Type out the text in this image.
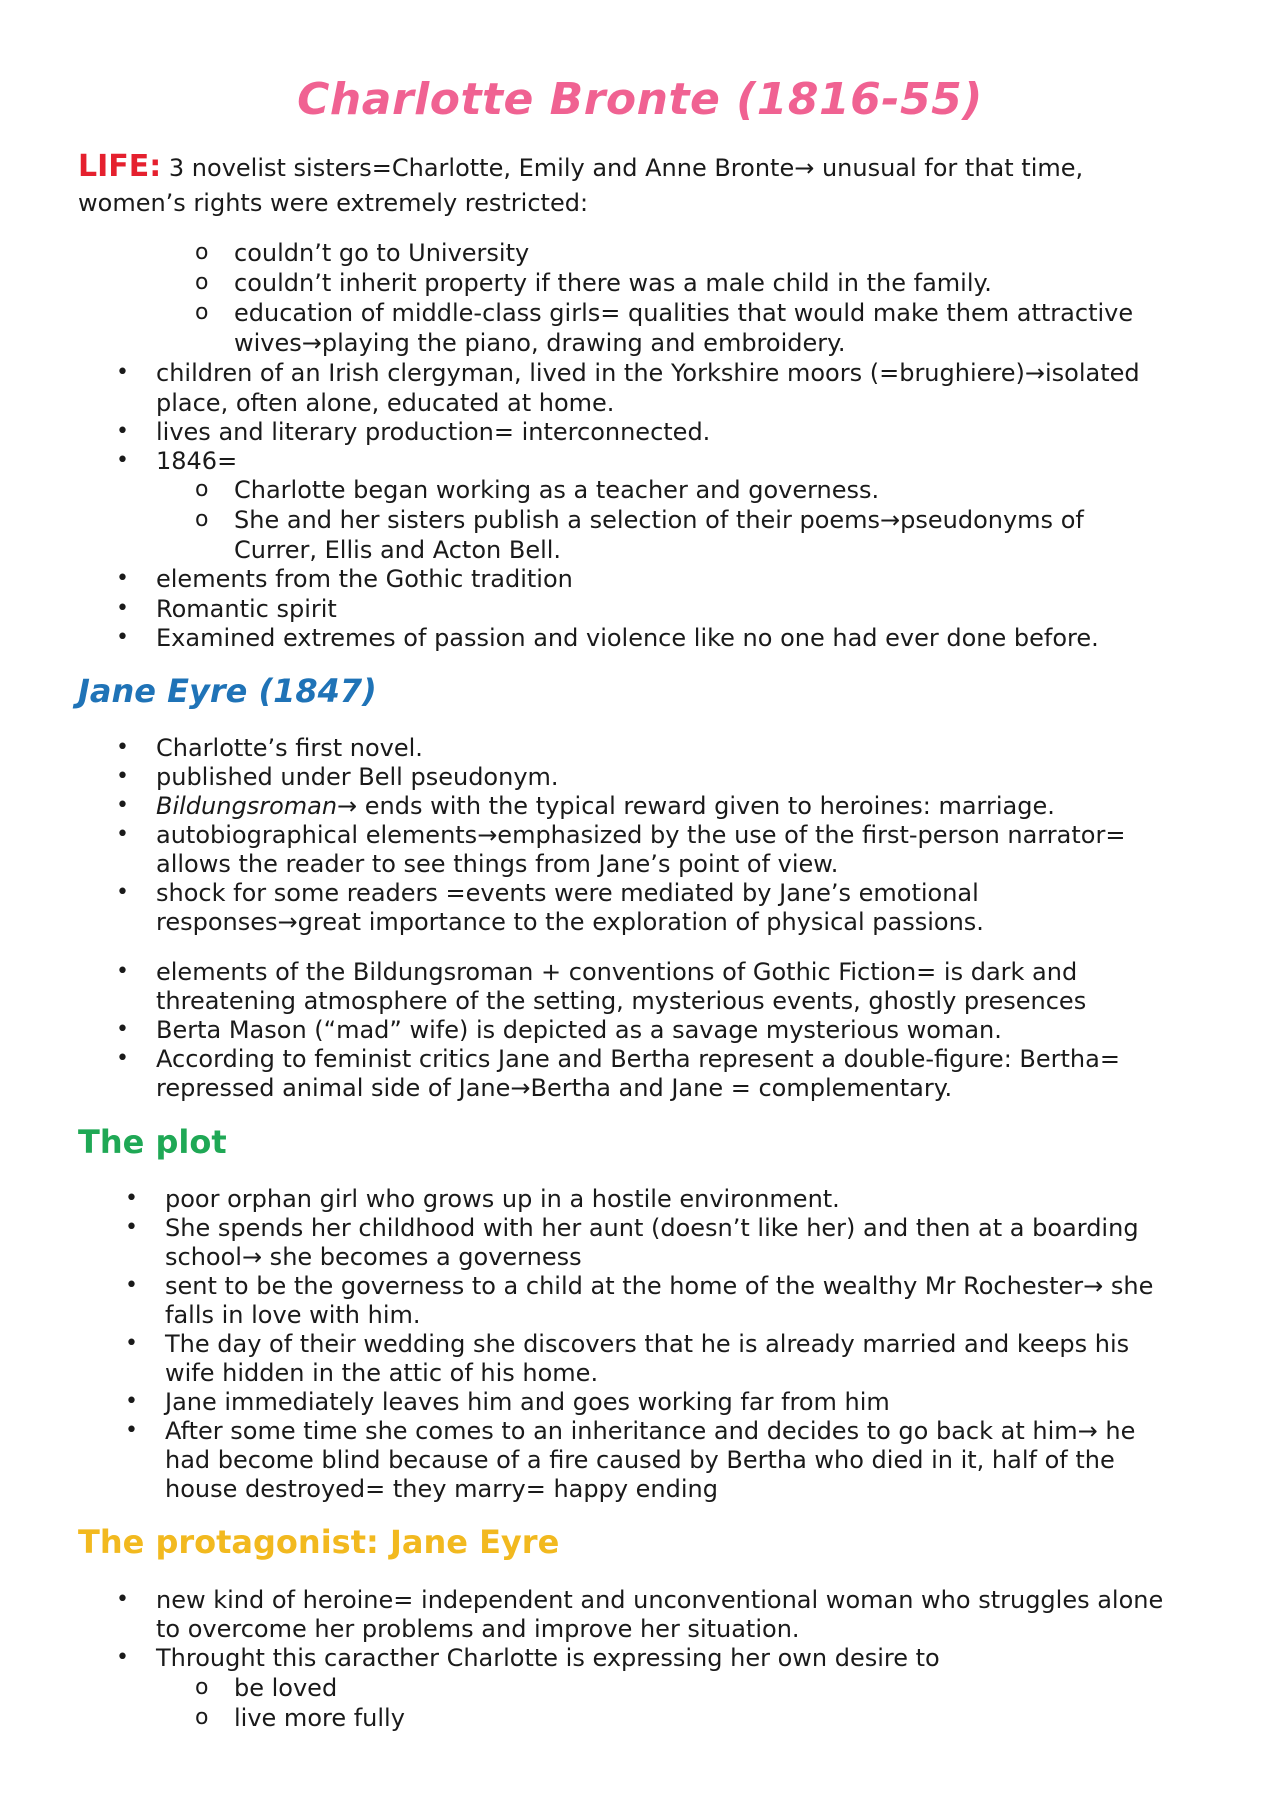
Charlotte Bronte (1816-55)

LIFE: 3 novelist sisters=Charlotte, Emily and Anne Bronte→ unusual for that time,

women’s rights were extremely restricted:

o couldn’t go to University

o couldn’t inherit property if there was a male child in the family.

o education of middle-class girls= qualities that would make them attractive

wives→playing the piano, drawing and embroidery.

• children of an Irish clergyman, lived in the Yorkshire moors (=brughiere)→isolated

place, often alone, educated at home.

• lives and literary production= interconnected.

• 1846=

o Charlotte began working as a teacher and governess.

o She and her sisters publish a selection of their poems→pseudonyms of

Currer, Ellis and Acton Bell.

• elements from the Gothic tradition

• Romantic spirit

• Examined extremes of passion and violence like no one had ever done before.

Jane Eyre (1847)
• Charlotte’s first novel.

• published under Bell pseudonym.

• Bildungsroman→ ends with the typical reward given to heroines: marriage.

• autobiographical elements→emphasized by the use of the first-person narrator=

allows the reader to see things from Jane’s point of view.

• shock for some readers =events were mediated by Jane’s emotional

responses→great importance to the exploration of physical passions.

• elements of the Bildungsroman + conventions of Gothic Fiction= is dark and

threatening atmosphere of the setting, mysterious events, ghostly presences

• Berta Mason (“mad” wife) is depicted as a savage mysterious woman.

• According to feminist critics Jane and Bertha represent a double-figure: Bertha=

repressed animal side of Jane→Bertha and Jane = complementary.

The plot
• poor orphan girl who grows up in a hostile environment.

• She spends her childhood with her aunt (doesn’t like her) and then at a boarding

school→ she becomes a governess

• sent to be the governess to a child at the home of the wealthy Mr Rochester→ she

falls in love with him.

• The day of their wedding she discovers that he is already married and keeps his

wife hidden in the attic of his home.

• Jane immediately leaves him and goes working far from him

• After some time she comes to an inheritance and decides to go back at him→ he

had become blind because of a fire caused by Bertha who died in it, half of the

house destroyed= they marry= happy ending

The protagonist: Jane Eyre
• new kind of heroine= independent and unconventional woman who struggles alone

to overcome her problems and improve her situation.

• Throught this caracther Charlotte is expressing her own desire to

o be loved

o live more fully
